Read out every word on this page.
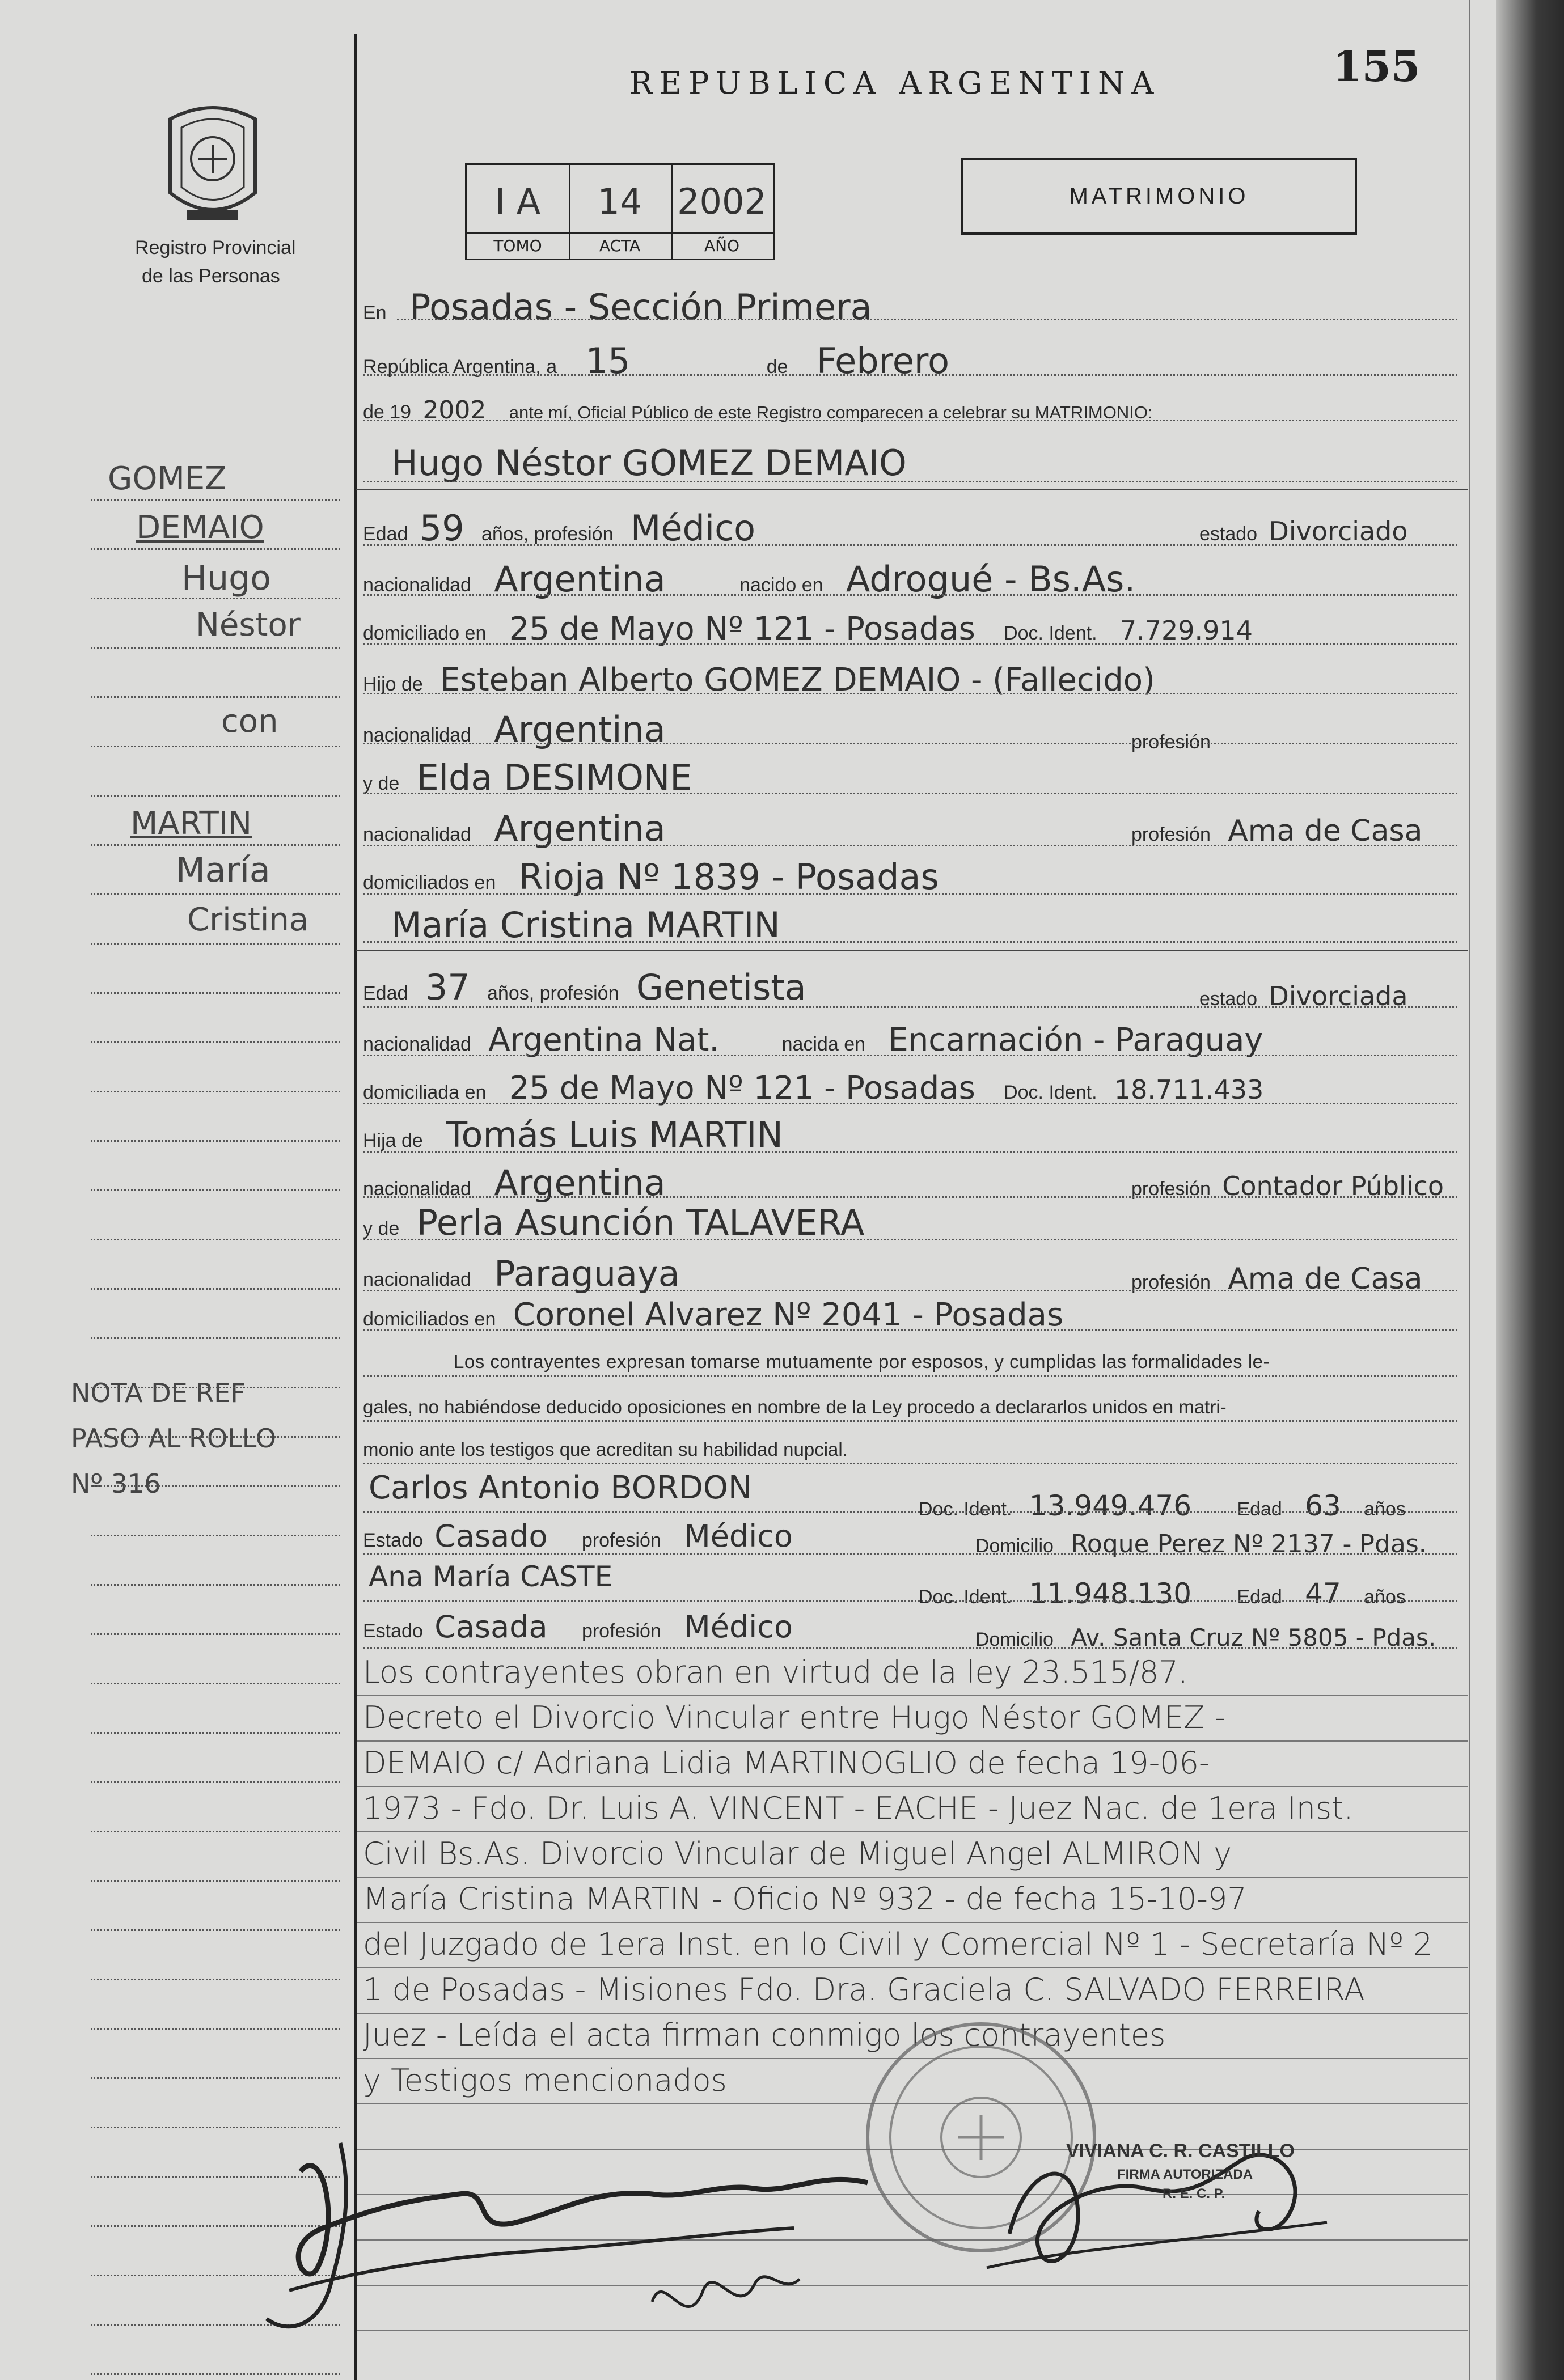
REPUBLICA ARGENTINA	155
Registro Provincial
de las Personas
I A
TOMO
14
ACTA
2002
AÑO
MATRIMONIO
En Posadas - Sección Primera
República Argentina, a 15	de Febrero
de 19 2002 ante mí, Oficial Público de este Registro comparecen a celebrar su MATRIMONIO:
Hugo Néstor GOMEZ DEMAIO
Edad 59 años, profesión Médico	estado Divorciado
nacionalidad Argentina	nacido en Adrogué - Bs.As.
domiciliado en 25 de Mayo Nº 121 - Posadas Doc. Ident. 7.729.914
Hijo de Esteban Alberto GOMEZ DEMAIO - (Fallecido)
nacionalidad Argentina	profesión
y de Elda DESIMONE
nacionalidad Argentina	profesión Ama de Casa
domiciliados en Rioja Nº 1839 - Posadas
María Cristina MARTIN
Edad 37 años, profesión Genetista	estado Divorciada
nacionalidad Argentina Nat.	nacida en Encarnación - Paraguay
domiciliada en 25 de Mayo Nº 121 - Posadas Doc. Ident. 18.711.433
Hija de Tomás Luis MARTIN
nacionalidad Argentina	profesión Contador Público
y de Perla Asunción TALAVERA
nacionalidad Paraguaya	profesión Ama de Casa
domiciliados en Coronel Alvarez Nº 2041 - Posadas
Los contrayentes expresan tomarse mutuamente por esposos, y cumplidas las formalidades le-
gales, no habiéndose deducido oposiciones en nombre de la Ley procedo a declararlos unidos en matri-
monio ante los testigos que acreditan su habilidad nupcial.
Carlos Antonio BORDON
Doc. Ident. 13.949.476 Edad 63 años
Estado Casado profesión Médico	Domicilio Roque Perez Nº 2137 - Pdas.
Ana María CASTE
Doc. Ident. 11.948.130 Edad 47 años
Estado Casada profesión Médico	Domicilio Av. Santa Cruz Nº 5805 - Pdas.
Los contrayentes obran en virtud de la ley 23.515/87.
Decreto el Divorcio Vincular entre Hugo Néstor GOMEZ -
DEMAIO c/ Adriana Lidia MARTINOGLIO de fecha 19-06-
1973 - Fdo. Dr. Luis A. VINCENT - EACHE - Juez Nac. de 1era Inst.
Civil Bs.As. Divorcio Vincular de Miguel Angel ALMIRON y
María Cristina MARTIN - Oficio Nº 932 - de fecha 15-10-97
del Juzgado de 1era Inst. en lo Civil y Comercial Nº 1 - Secretaría Nº 2
1 de Posadas - Misiones Fdo. Dra. Graciela C. SALVADO FERREIRA
Juez - Leída el acta firman conmigo los contrayentes
y Testigos mencionados
GOMEZ
DEMAIO
Hugo
Néstor
con
MARTIN
María
Cristina
NOTA DE REF
PASO AL ROLLO
Nº 316
VIVIANA C. R. CASTILLO
FIRMA AUTORIZADA
R. E. C. P.
